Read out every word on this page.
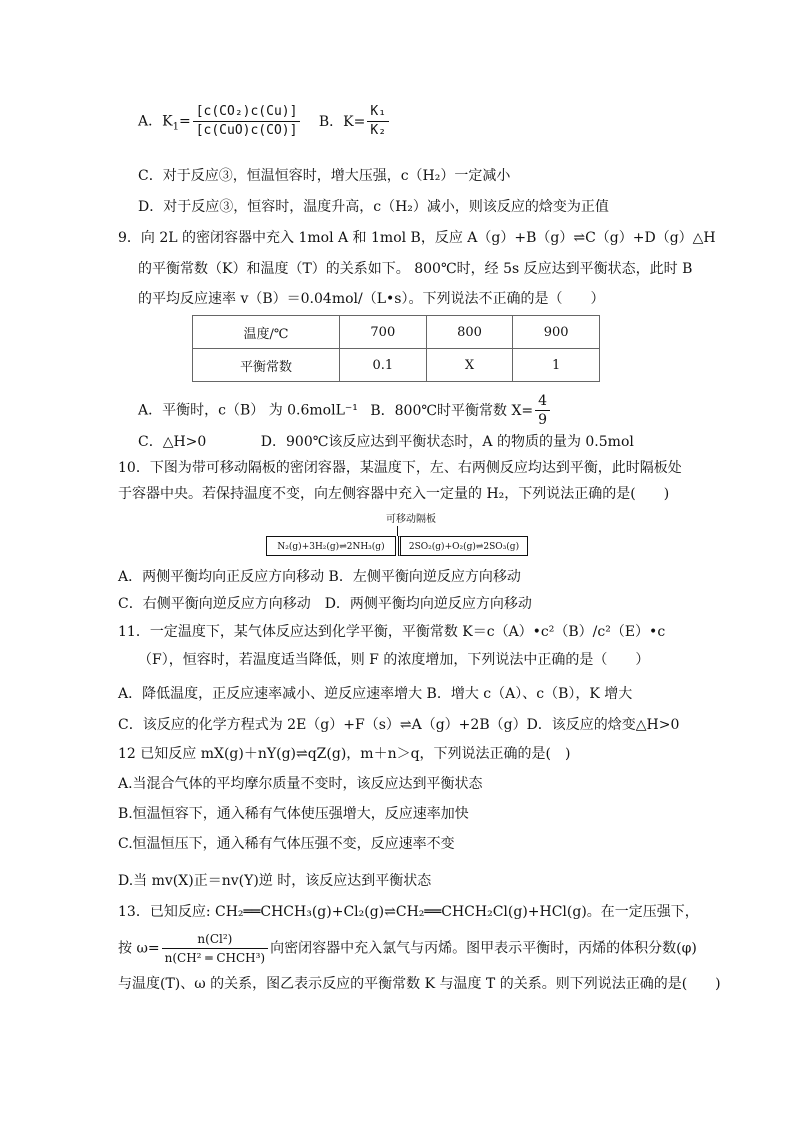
A．$K_1= \frac{\text{[c(CO₂)c(Cu)]}}{\text{[c(CuO)c(CO)]}}$ B．$K= \frac{\text{K₁}}{\text{K₂}}$
C．对于反应③，恒温恒容时，增大压强，c（H₂）一定减小
D．对于反应③，恒容时，温度升高，c（H₂）减小，则该反应的焓变为正值
9．向 2L 的密闭容器中充入 1mol A 和 1mol B，反应 A（g）+B（g）⇌C（g）+D（g）△H
的平衡常数（K）和温度（T）的关系如下。 800℃时，经 5s 反应达到平衡状态，此时 B
的平均反应速率 v（B）＝0.04mol/（L•s）。下列说法不正确的是（　　）
温度/℃	700	800	900
平衡常数	0.1	X	1
A．平衡时，c（B） 为 0.6molL⁻¹ B．800℃时平衡常数 $X= \frac{4}{9}$
C．△H>0	D．900℃该反应达到平衡状态时，A 的物质的量为 0.5mol
10．下图为带可移动隔板的密闭容器，某温度下，左、右两侧反应均达到平衡，此时隔板处
于容器中央。若保持温度不变，向左侧容器中充入一定量的 H₂，下列说法正确的是(　　)
可移动隔板
N₂(g)+3H₂(g)⇌2NH₃(g)	2SO₂(g)+O₂(g)⇌2SO₃(g)
A．两侧平衡均向正反应方向移动 B．左侧平衡向逆反应方向移动
C．右侧平衡向逆反应方向移动　D．两侧平衡均向逆反应方向移动
11．一定温度下，某气体反应达到化学平衡，平衡常数 K＝c（A）•c²（B）/c²（E）•c
（F），恒容时，若温度适当降低，则 F 的浓度增加，下列说法中正确的是（　　）
A．降低温度，正反应速率减小、逆反应速率增大 B．增大 c（A）、c（B），K 增大
C．该反应的化学方程式为 2E（g）+F（s）⇌A（g）+2B（g）D．该反应的焓变△H>0
12 已知反应 mX(g)＋nY(g)⇌qZ(g)，m＋n＞q，下列说法正确的是(　)
A.当混合气体的平均摩尔质量不变时，该反应达到平衡状态
B.恒温恒容下，通入稀有气体使压强增大，反应速率加快
C.恒温恒压下，通入稀有气体压强不变，反应速率不变
D.当 mv(X)正＝nv(Y)逆 时，该反应达到平衡状态
13．已知反应: CH₂══CHCH₃(g)+Cl₂(g)⇌CH₂══CHCH₂Cl(g)+HCl(g)。在一定压强下，
按 $\omega= \frac{\text{n(Cl²)}}{\text{n(CH² ═ CHCH³)}}$ 向密闭容器中充入氯气与丙烯。图甲表示平衡时，丙烯的体积分数(φ)
与温度(T)、ω 的关系，图乙表示反应的平衡常数 K 与温度 T 的关系。则下列说法正确的是(　　)
